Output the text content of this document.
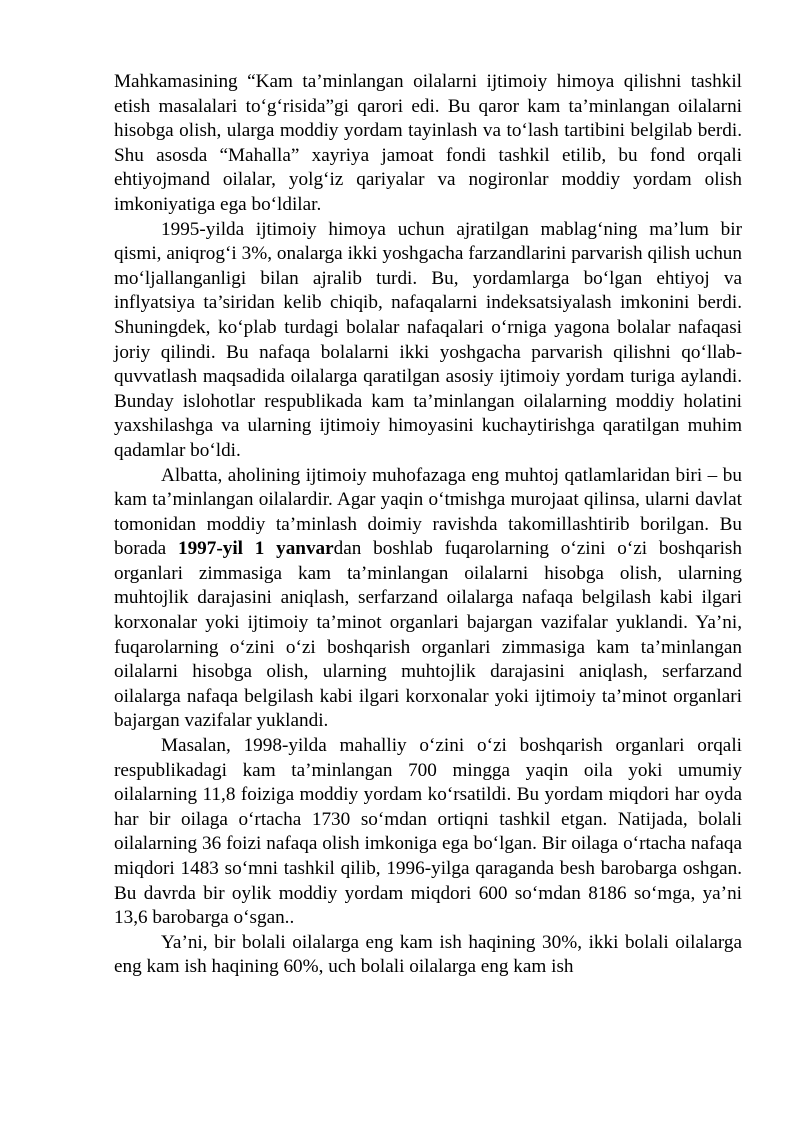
Mahkamasining “Kam ta’minlangan oilalarni ijtimoiy himoya qilishni tashkil etish masalalari to‘g‘risida”gi qarori edi. Bu qaror kam ta’minlangan oilalarni hisobga olish, ularga moddiy yordam tayinlash va to‘lash tartibini belgilab berdi. Shu asosda “Mahalla” xayriya jamoat fondi tashkil etilib, bu fond orqali ehtiyojmand oilalar, yolg‘iz qariyalar va nogironlar moddiy yordam olish imkoniyatiga ega bo‘ldilar.

1995-yilda ijtimoiy himoya uchun ajratilgan mablag‘ning ma’lum bir qismi, aniqrog‘i 3%, onalarga ikki yoshgacha farzandlarini parvarish qilish uchun mo‘ljallanganligi bilan ajralib turdi. Bu, yordamlarga bo‘lgan ehtiyoj va inflyatsiya ta’siridan kelib chiqib, nafaqalarni indeksatsiyalash imkonini berdi. Shuningdek, ko‘plab turdagi bolalar nafaqalari o‘rniga yagona bolalar nafaqasi joriy qilindi. Bu nafaqa bolalarni ikki yoshgacha parvarish qilishni qo‘llab-quvvatlash maqsadida oilalarga qaratilgan asosiy ijtimoiy yordam turiga aylandi. Bunday islohotlar respublikada kam ta’minlangan oilalarning moddiy holatini yaxshilashga va ularning ijtimoiy himoyasini kuchaytirishga qaratilgan muhim qadamlar bo‘ldi.

Albatta, aholining ijtimoiy muhofazaga eng muhtoj qatlamlaridan biri – bu kam ta’minlangan oilalardir. Agar yaqin o‘tmishga murojaat qilinsa, ularni davlat tomonidan moddiy ta’minlash doimiy ravishda takomillashtirib borilgan. Bu borada 1997-yil 1 yanvardan boshlab fuqarolarning o‘zini o‘zi boshqarish organlari zimmasiga kam ta’minlangan oilalarni hisobga olish, ularning muhtojlik darajasini aniqlash, serfarzand oilalarga nafaqa belgilash kabi ilgari korxonalar yoki ijtimoiy ta’minot organlari bajargan vazifalar yuklandi. Ya’ni, fuqarolarning o‘zini o‘zi boshqarish organlari zimmasiga kam ta’minlangan oilalarni hisobga olish, ularning muhtojlik darajasini aniqlash, serfarzand oilalarga nafaqa belgilash kabi ilgari korxonalar yoki ijtimoiy ta’minot organlari bajargan vazifalar yuklandi.

Masalan, 1998-yilda mahalliy o‘zini o‘zi boshqarish organlari orqali respublikadagi kam ta’minlangan 700 mingga yaqin oila yoki umumiy oilalarning 11,8 foiziga moddiy yordam ko‘rsatildi. Bu yordam miqdori har oyda har bir oilaga o‘rtacha 1730 so‘mdan ortiqni tashkil etgan. Natijada, bolali oilalarning 36 foizi nafaqa olish imkoniga ega bo‘lgan. Bir oilaga o‘rtacha nafaqa miqdori 1483 so‘mni tashkil qilib, 1996-yilga qaraganda besh barobarga oshgan. Bu davrda bir oylik moddiy yordam miqdori 600 so‘mdan 8186 so‘mga, ya’ni 13,6 barobarga o‘sgan..

Ya’ni, bir bolali oilalarga eng kam ish haqining 30%, ikki bolali oilalarga eng kam ish haqining 60%, uch bolali oilalarga eng kam ish
